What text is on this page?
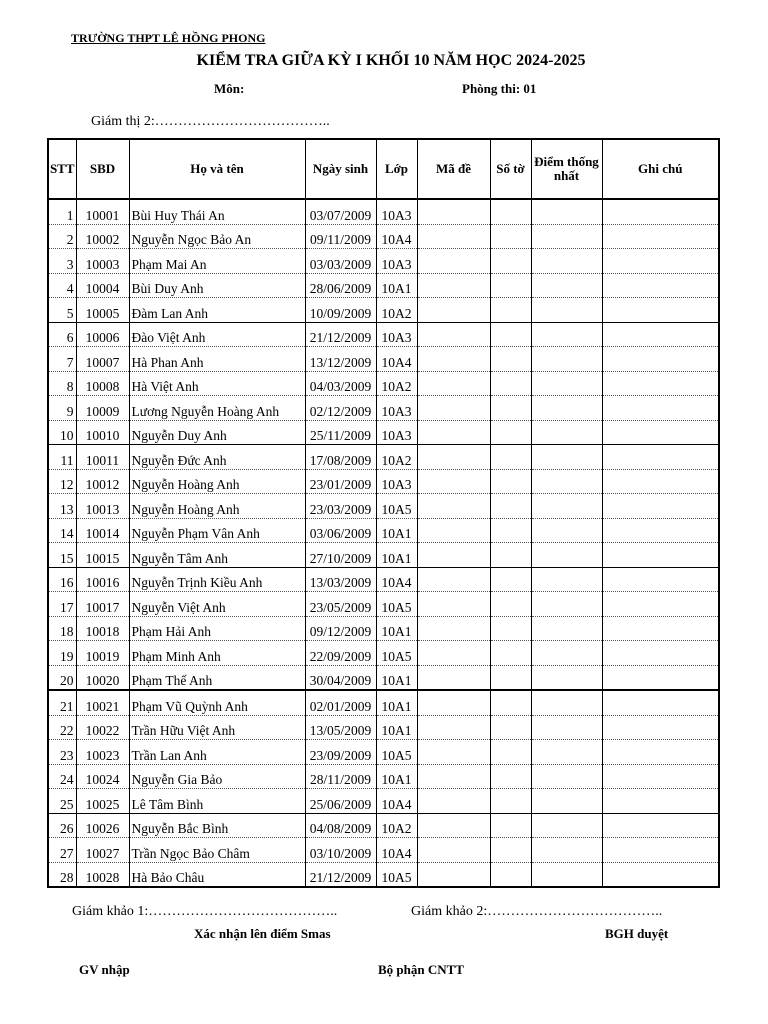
TRƯỜNG THPT LÊ HỒNG PHONG
KIỂM TRA GIỮA KỲ I KHỐI 10 NĂM HỌC 2024-2025
Môn:	Phòng thi: 01
Giám thị 2:………………………………..
STT	SBD	Họ và tên	Ngày sinh	Lớp	Mã đề	Số tờ	Điểm thống nhất	Ghi chú
1	10001	Bùi Huy Thái An	03/07/2009	10A3				
2	10002	Nguyễn Ngọc Bảo An	09/11/2009	10A4				
3	10003	Phạm Mai An	03/03/2009	10A3				
4	10004	Bùi Duy Anh	28/06/2009	10A1				
5	10005	Đàm Lan Anh	10/09/2009	10A2				
6	10006	Đào Việt Anh	21/12/2009	10A3				
7	10007	Hà Phan Anh	13/12/2009	10A4				
8	10008	Hà Việt Anh	04/03/2009	10A2				
9	10009	Lương Nguyễn Hoàng Anh	02/12/2009	10A3				
10	10010	Nguyễn Duy Anh	25/11/2009	10A3				
11	10011	Nguyễn Đức Anh	17/08/2009	10A2				
12	10012	Nguyễn Hoàng Anh	23/01/2009	10A3				
13	10013	Nguyễn Hoàng Anh	23/03/2009	10A5				
14	10014	Nguyễn Phạm Vân Anh	03/06/2009	10A1				
15	10015	Nguyễn Tâm Anh	27/10/2009	10A1				
16	10016	Nguyễn Trịnh Kiều Anh	13/03/2009	10A4				
17	10017	Nguyễn Việt Anh	23/05/2009	10A5				
18	10018	Phạm Hải Anh	09/12/2009	10A1				
19	10019	Phạm Minh Anh	22/09/2009	10A5				
20	10020	Phạm Thế Anh	30/04/2009	10A1				
21	10021	Phạm Vũ Quỳnh Anh	02/01/2009	10A1				
22	10022	Trần Hữu Việt Anh	13/05/2009	10A1				
23	10023	Trần Lan Anh	23/09/2009	10A5				
24	10024	Nguyễn Gia Bảo	28/11/2009	10A1				
25	10025	Lê Tâm Bình	25/06/2009	10A4				
26	10026	Nguyễn Bắc Bình	04/08/2009	10A2				
27	10027	Trần Ngọc Bảo Châm	03/10/2009	10A4				
28	10028	Hà Bảo Châu	21/12/2009	10A5				
Giám khảo 1:…………………………………..	Giám khảo 2:………………………………..
Xác nhận lên điểm Smas	BGH duyệt
GV nhập	Bộ phận CNTT
